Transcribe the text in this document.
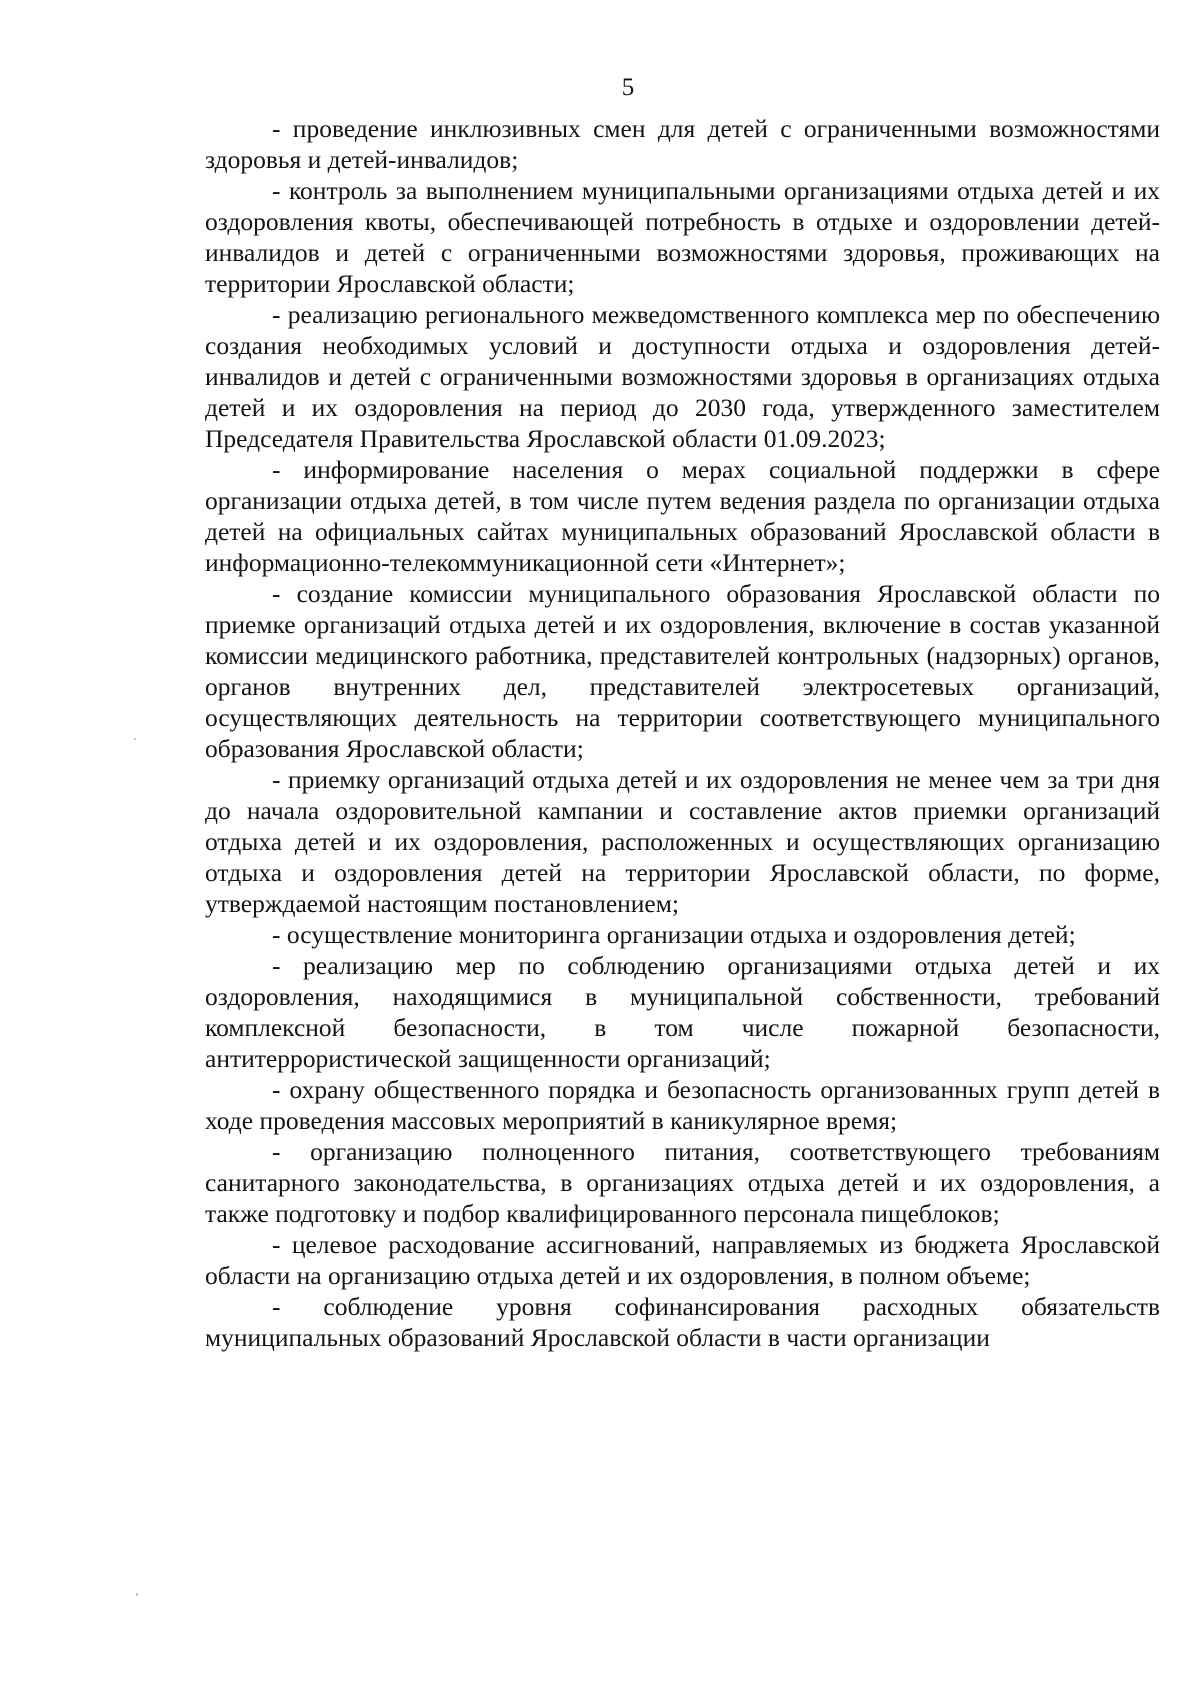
5

- проведение инклюзивных смен для детей с ограниченными возможностями здоровья и детей-инвалидов;

- контроль за выполнением муниципальными организациями отдыха детей и их оздоровления квоты, обеспечивающей потребность в отдыхе и оздоровлении детей-инвалидов и детей с ограниченными возможностями здоровья, проживающих на территории Ярославской области;

- реализацию регионального межведомственного комплекса мер по обеспечению создания необходимых условий и доступности отдыха и оздоровления детей-инвалидов и детей с ограниченными возможностями здоровья в организациях отдыха детей и их оздоровления на период до 2030 года, утвержденного заместителем Председателя Правительства Ярославской области 01.09.2023;

- информирование населения о мерах социальной поддержки в сфере организации отдыха детей, в том числе путем ведения раздела по организации отдыха детей на официальных сайтах муниципальных образований Ярославской области в информационно-телекоммуникационной сети «Интернет»;

- создание комиссии муниципального образования Ярославской области по приемке организаций отдыха детей и их оздоровления, включение в состав указанной комиссии медицинского работника, представителей контрольных (надзорных) органов, органов внутренних дел, представителей электросетевых организаций, осуществляющих деятельность на территории соответствующего муниципального образования Ярославской области;

- приемку организаций отдыха детей и их оздоровления не менее чем за три дня до начала оздоровительной кампании и составление актов приемки организаций отдыха детей и их оздоровления, расположенных и осуществляющих организацию отдыха и оздоровления детей на территории Ярославской области, по форме, утверждаемой настоящим постановлением;

- осуществление мониторинга организации отдыха и оздоровления детей;

- реализацию мер по соблюдению организациями отдыха детей и их оздоровления, находящимися в муниципальной собственности, требований комплексной безопасности, в том числе пожарной безопасности, антитеррористической защищенности организаций;

- охрану общественного порядка и безопасность организованных групп детей в ходе проведения массовых мероприятий в каникулярное время;

- организацию полноценного питания, соответствующего требованиям санитарного законодательства, в организациях отдыха детей и их оздоровления, а также подготовку и подбор квалифицированного персонала пищеблоков;

- целевое расходование ассигнований, направляемых из бюджета Ярославской области на организацию отдыха детей и их оздоровления, в полном объеме;

- соблюдение уровня софинансирования расходных обязательств муниципальных образований Ярославской области в части организации
